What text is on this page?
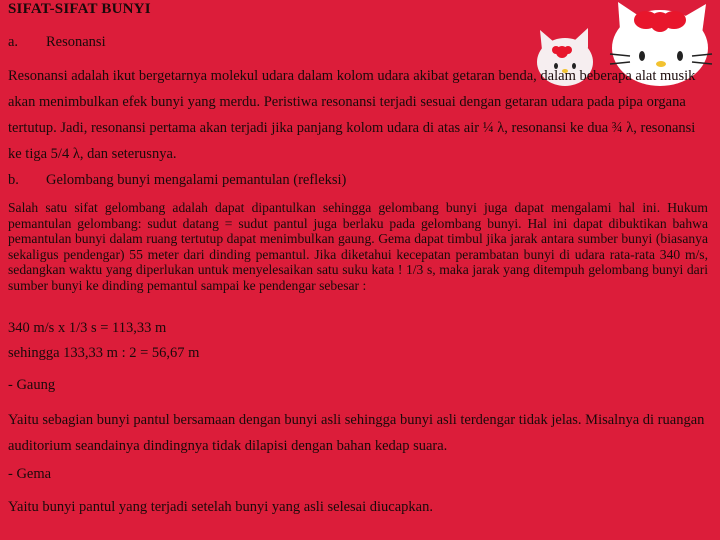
SIFAT-SIFAT BUNYI
a. Resonansi
Resonansi adalah ikut bergetarnya molekul udara dalam kolom udara akibat getaran benda, dalam beberapa alat musik akan menimbulkan efek bunyi yang merdu. Peristiwa resonansi terjadi sesuai dengan getaran udara pada pipa organa tertutup. Jadi, resonansi pertama akan terjadi jika panjang kolom udara di atas air ¼ λ, resonansi ke dua ¾ λ, resonansi ke tiga 5/4 λ, dan seterusnya.
b. Gelombang bunyi mengalami pemantulan (refleksi)
Salah satu sifat gelombang adalah dapat dipantulkan sehingga gelombang bunyi juga dapat mengalami hal ini. Hukum pemantulan gelombang: sudut datang = sudut pantul juga berlaku pada gelombang bunyi. Hal ini dapat dibuktikan bahwa pemantulan bunyi dalam ruang tertutup dapat menimbulkan gaung. Gema dapat timbul jika jarak antara sumber bunyi (biasanya sekaligus pendengar) 55 meter dari dinding pemantul. Jika diketahui kecepatan perambatan bunyi di udara rata-rata 340 m/s, sedangkan waktu yang diperlukan untuk menyelesaikan satu suku kata ! 1/3 s, maka jarak yang ditempuh gelombang bunyi dari sumber bunyi ke dinding pemantul sampai ke pendengar sebesar :
340 m/s x 1/3 s = 113,33 m
sehingga 133,33 m : 2 = 56,67 m
- Gaung
Yaitu sebagian bunyi pantul bersamaan dengan bunyi asli sehingga bunyi asli terdengar tidak jelas. Misalnya di ruangan auditorium seandainya dindingnya tidak dilapisi dengan bahan kedap suara.
- Gema
Yaitu bunyi pantul yang terjadi setelah bunyi yang asli selesai diucapkan.
